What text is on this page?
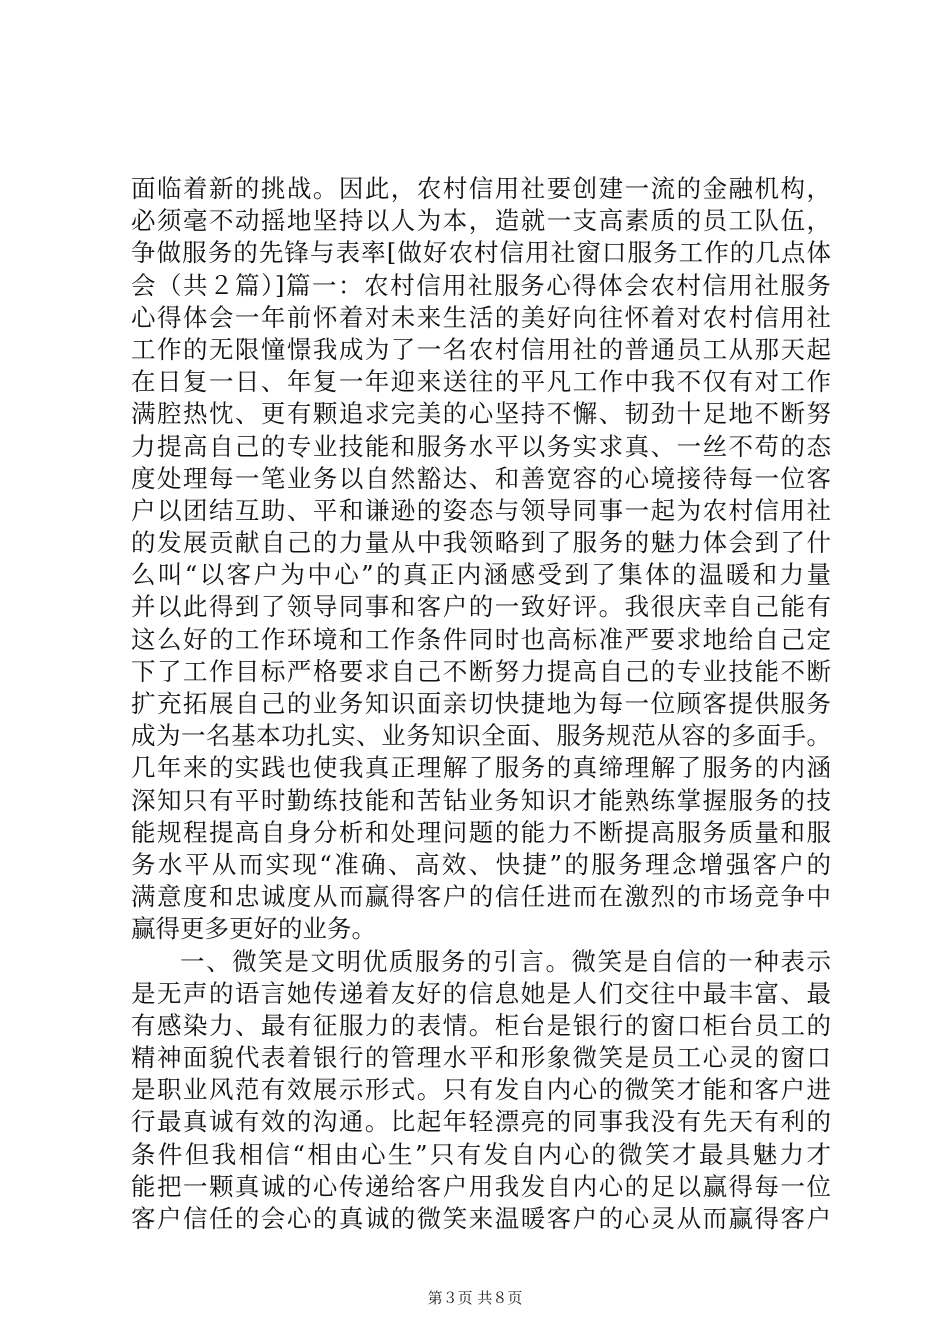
面临着新的挑战。因此，农村信用社要创建一流的金融机构，
必须毫不动摇地坚持以人为本，造就一支高素质的员工队伍，
争做服务的先锋与表率[做好农村信用社窗口服务工作的几点体
会（共２篇）]篇一：农村信用社服务心得体会农村信用社服务
心得体会一年前怀着对未来生活的美好向往怀着对农村信用社
工作的无限憧憬我成为了一名农村信用社的普通员工从那天起
在日复一日、年复一年迎来送往的平凡工作中我不仅有对工作
满腔热忱、更有颗追求完美的心坚持不懈、韧劲十足地不断努
力提高自己的专业技能和服务水平以务实求真、一丝不苟的态
度处理每一笔业务以自然豁达、和善宽容的心境接待每一位客
户以团结互助、平和谦逊的姿态与领导同事一起为农村信用社
的发展贡献自己的力量从中我领略到了服务的魅力体会到了什
么叫“以客户为中心”的真正内涵感受到了集体的温暖和力量
并以此得到了领导同事和客户的一致好评。我很庆幸自己能有
这么好的工作环境和工作条件同时也高标准严要求地给自己定
下了工作目标严格要求自己不断努力提高自己的专业技能不断
扩充拓展自己的业务知识面亲切快捷地为每一位顾客提供服务
成为一名基本功扎实、业务知识全面、服务规范从容的多面手。
几年来的实践也使我真正理解了服务的真缔理解了服务的内涵
深知只有平时勤练技能和苦钻业务知识才能熟练掌握服务的技
能规程提高自身分析和处理问题的能力不断提高服务质量和服
务水平从而实现“准确、高效、快捷”的服务理念增强客户的
满意度和忠诚度从而赢得客户的信任进而在激烈的市场竞争中
赢得更多更好的业务。
一、微笑是文明优质服务的引言。微笑是自信的一种表示
是无声的语言她传递着友好的信息她是人们交往中最丰富、最
有感染力、最有征服力的表情。柜台是银行的窗口柜台员工的
精神面貌代表着银行的管理水平和形象微笑是员工心灵的窗口
是职业风范有效展示形式。只有发自内心的微笑才能和客户进
行最真诚有效的沟通。比起年轻漂亮的同事我没有先天有利的
条件但我相信“相由心生”只有发自内心的微笑才最具魅力才
能把一颗真诚的心传递给客户用我发自内心的足以赢得每一位
客户信任的会心的真诚的微笑来温暖客户的心灵从而赢得客户
第３页 共８页
